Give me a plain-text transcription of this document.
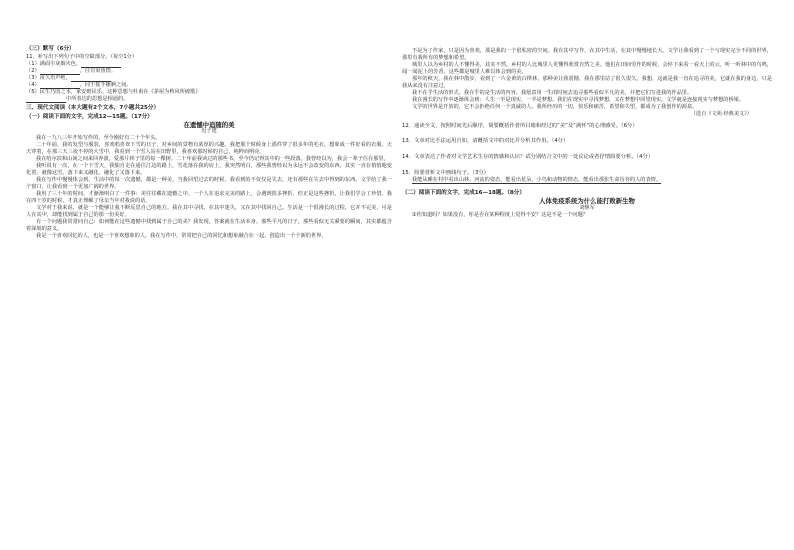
（三）默写（6分）

11．补写出下列句子中的空缺部分。（每空1分）

（1）满面尘灰烟火色，

（2）	，往有渠鱼情。

（3）夜久语声绝，

（4）	，同于摇手播婀之间。

（5）民生乃国之本，家安则民乐。这种思想与杜甫在《茅屋为秋风所破歌》

中所表达的思想是相通的。

三、现代文阅读（本大题有2个文本，7小题共25分）

（一）阅读下面的文字，完成12—15题。（17分）

在遗憾中追随的美

迟子建

我在一九八三年开始写作的，至今刚好有二十个年头。

二十年前，我的发型与服装，喜欢唱喜欢下雪的日子，对乡间的景物有浓厚的兴趣。我把那个时候身上那件穿了很多年的毛衣，想象成一件好看的衣服，天天穿着，在那三天三夜不停的大雪中，我看到一个雪人站在田野里，我喜欢那时候的自己，纯粹而明亮。

我在哈尔滨和山间之间来回奔波，爱那片林子里的每一棵树。二十年前我读过的那些书，至今仍记得其中的一些段落。我曾经以为，我会一辈子住在那里。

我听说有一次，在一个下雪天，我独自走在通往江边的路上，雪花落在我的肩上，我突然明白，那些我曾经以为永远不会改变的东西，其实一直在悄悄地变化着，就像这雪，落下来又融化，融化了又落下来。

我在写作中慢慢体会到，生活中的每一次遗憾，都是一种美。当我回望过去的时候，我看到的不仅仅是失去，还有那些在失去中得到的东西。文学给了我一个窗口，让我看到一个更加广阔的世界。

我用了三十年的时间，才渐渐明白了一件事：美往往藏在遗憾之中。一个人在追求完美的路上，会遇到很多挫折，但正是这些挫折，让我们学会了珍惜。我在四十岁的时候，才真正理解了母亲当年对我说的话。

文学对于我来说，就是一个能够让我不断反思自己的地方。我在其中寻找，在其中迷失，又在其中找回自己。生活是一个很漫长的过程，它并不完美，可是人在其中，却能找到属于自己的那一份美好。

有一个问题我常常问自己：如何能在这些遗憾中找到属于自己的美？我发现，答案就在生活本身。那些平凡的日子，那些看似无关紧要的瞬间，其实都蕴含着深刻的意义。

我是一个喜欢回忆的人，也是一个喜欢想象的人。我在写作中，常常把自己的回忆和想象融合在一起，创造出一个个新的世界。

不是为了作家，只是因为喜欢，那是我的一个很私密的空间。我在其中写作，在其中生活，在其中慢慢地长大。文学让我看到了一个与现实完全不同的世界，那里有我所有的梦想和希望。

城里人以为乡村的人不懂得美，其实不然。乡村的人比城里人更懂得欣赏自然之美。他们在田间劳作的时候，会停下来看一看天上的云，听一听林中的鸟鸣，闻一闻泥土的芳香。这些都是城里人难以体会到的美。

那年的秋天，我在林中散步，看到了一片金黄的白桦林。那种美让我震撼，我在那里站了很久很久。我想，这就是我一直在追寻的美，它就在我的身边，只是我从来没有注意过。

我不在乎生活的形式，我在乎的是生活的内容。我愿意用一生的时间去追寻那些看似平凡的美，并把它们写进我的作品里。

我在漫长的写作中逐渐体会到：人生一半是现实，一半是梦想。我们在现实中寻找梦想，又在梦想中回望现实。文学就是连接现实与梦想的桥梁。

文学的世界是开放的，它不会拒绝任何一个真诚的人。我所经历的一切，快乐和痛苦，希望和失望，都成为了我创作的源泉。

（选自《文苑·经典美文》）

12．通读全文，按照时间先后顺序，简要概括作者所目睹和经过的“美”及“满怀”的心理感受。（6分）

13．文章对比手法运用自如，请概括文中的对比并分析其作用。（4分）

14．文章表达了作者对文学艺术生存的情感和认识？试分别结合文中的一处议论或者抒情简要分析。（4分）

15．简要赏析文中画线句子。（3分）

我能从睡在村中看出山林、河流的姿态，能看出花朵、小鸟和动物的情态，能看出那张生命旨谷的人的表情。

（二）阅读下面的文字，完成16—18题。（8分）

人体免疫系统为什么能打败新生物

刘继军

①你知道吗？如果没有，你是否在某种程度上觉得不安？这是不是一个问题？
